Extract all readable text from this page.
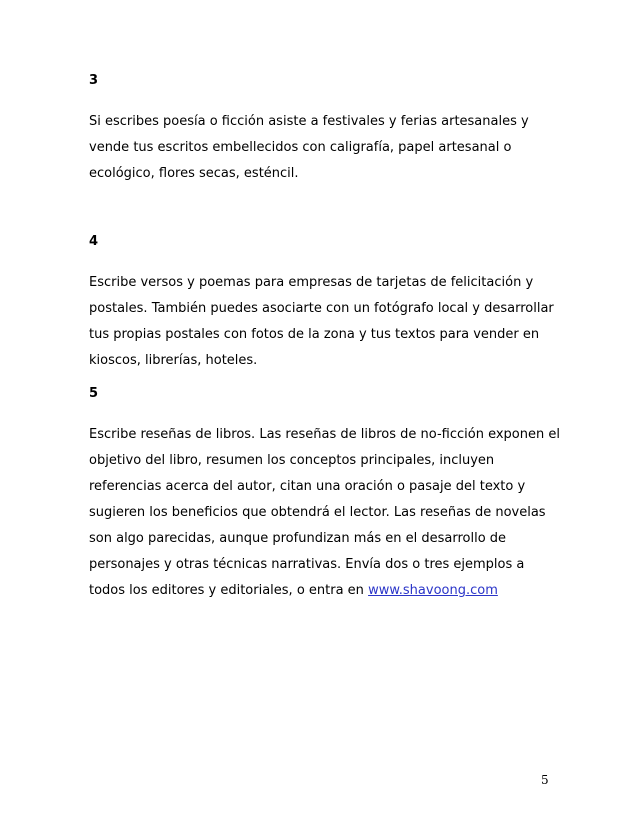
3

Si escribes poesía o ficción asiste a festivales y ferias artesanales y
vende tus escritos embellecidos con caligrafía, papel artesanal o
ecológico, flores secas, esténcil.

4

Escribe versos y poemas para empresas de tarjetas de felicitación y
postales. También puedes asociarte con un fotógrafo local y desarrollar
tus propias postales con fotos de la zona y tus textos para vender en
kioscos, librerías, hoteles.

5

Escribe reseñas de libros. Las reseñas de libros de no-ficción exponen el
objetivo del libro, resumen los conceptos principales, incluyen
referencias acerca del autor, citan una oración o pasaje del texto y
sugieren los beneficios que obtendrá el lector. Las reseñas de novelas
son algo parecidas, aunque profundizan más en el desarrollo de
personajes y otras técnicas narrativas. Envía dos o tres ejemplos a
todos los editores y editoriales, o entra en www.shavoong.com

5
